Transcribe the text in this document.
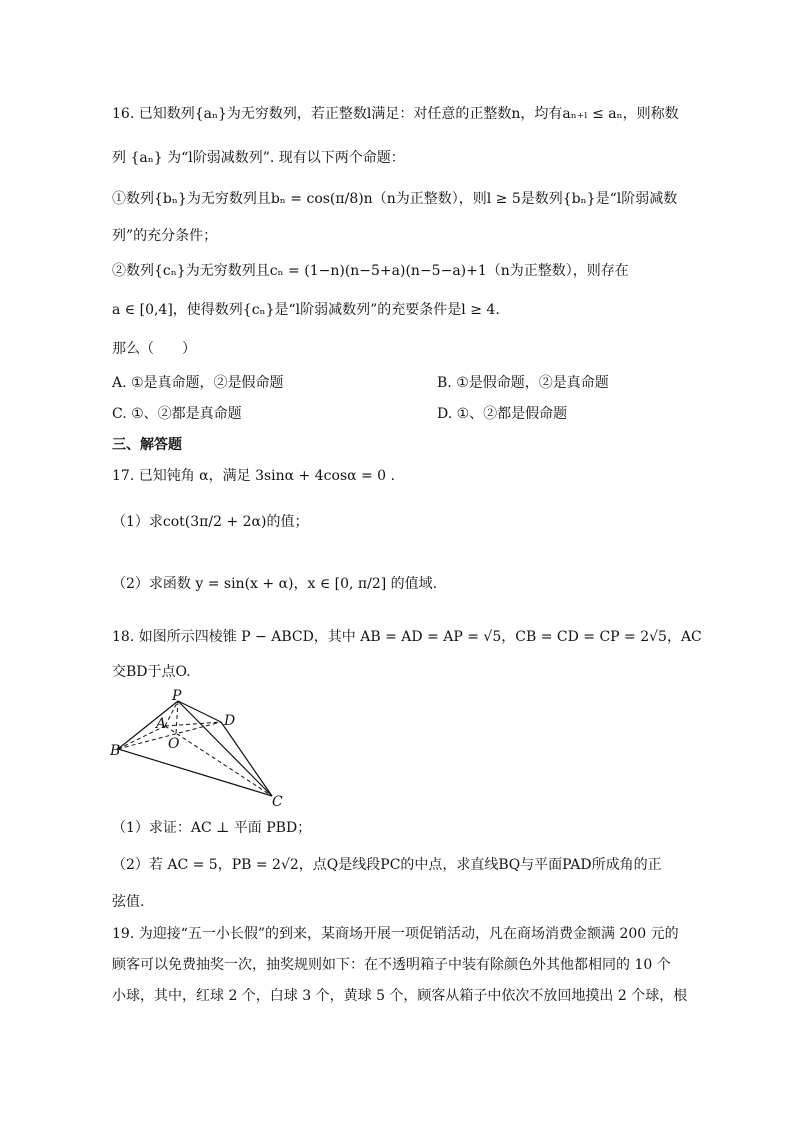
16. 已知数列{aₙ}为无穷数列，若正整数l满足：对任意的正整数n，均有aₙ₊ₗ ≤ aₙ，则称数
列 {aₙ} 为“l阶弱减数列”. 现有以下两个命题：
①数列{bₙ}为无穷数列且bₙ = cos(π/8)n（n为正整数），则l ≥ 5是数列{bₙ}是“l阶弱减数
列”的充分条件；
②数列{cₙ}为无穷数列且cₙ = (1−n)(n−5+a)(n−5−a)+1（n为正整数），则存在
a ∈ [0,4]，使得数列{cₙ}是“l阶弱减数列”的充要条件是l ≥ 4.
那么（　　）
A. ①是真命题，②是假命题	B. ①是假命题，②是真命题
C. ①、②都是真命题	D. ①、②都是假命题
三、解答题
17. 已知钝角 α，满足 3sinα + 4cosα = 0 .
（1）求cot(3π/2 + 2α)的值；
（2）求函数 y = sin(x + α)，x ∈ [0, π/2] 的值域.
18. 如图所示四棱锥 P − ABCD，其中 AB = AD = AP = √5，CB = CD = CP = 2√5，AC
交BD于点O.
P
A	D
B	O
C
（1）求证：AC ⊥ 平面 PBD；
（2）若 AC = 5，PB = 2√2，点Q是线段PC的中点，求直线BQ与平面PAD所成角的正
弦值.
19. 为迎接“五一小长假”的到来，某商场开展一项促销活动，凡在商场消费金额满 200 元的
顾客可以免费抽奖一次，抽奖规则如下：在不透明箱子中装有除颜色外其他都相同的 10 个
小球，其中，红球 2 个，白球 3 个，黄球 5 个，顾客从箱子中依次不放回地摸出 2 个球，根
